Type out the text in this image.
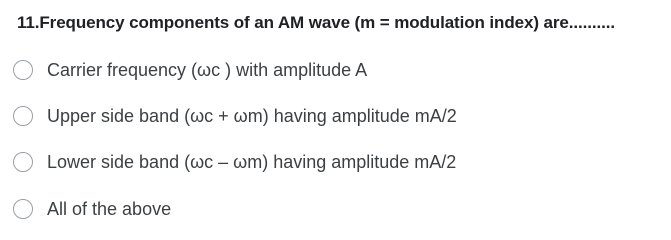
11.Frequency components of an AM wave (m = modulation index) are..........
Carrier frequency (ωc ) with amplitude A
Upper side band (ωc + ωm) having amplitude mA/2
Lower side band (ωc – ωm) having amplitude mA/2
All of the above
